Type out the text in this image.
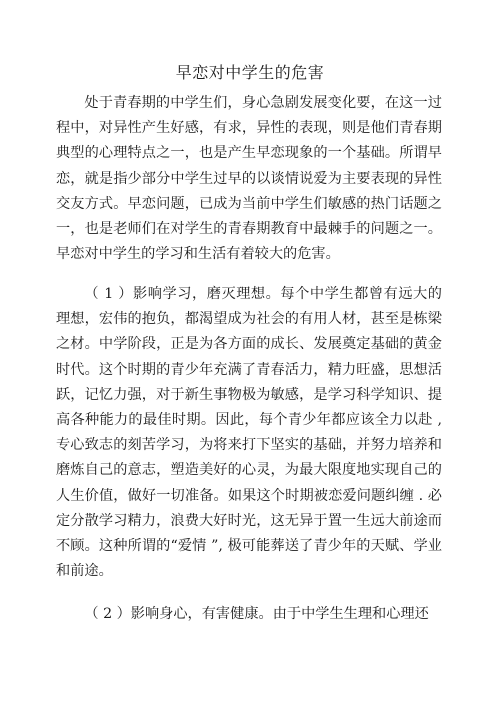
早恋对中学生的危害

处于青春期的中学生们，身心急剧发展变化要，在这一过程中，对异性产生好感，有求，异性的表现，则是他们青春期典型的心理特点之一，也是产生早恋现象的一个基础。所谓早恋，就是指少部分中学生过早的以谈情说爱为主要表现的异性交友方式。早恋问题，已成为当前中学生们敏感的热门话题之一，也是老师们在对学生的青春期教育中最棘手的问题之一。早恋对中学生的学习和生活有着较大的危害。

（ 1 ）影响学习，磨灭理想。每个中学生都曾有远大的理想，宏伟的抱负，都渴望成为社会的有用人材，甚至是栋梁之材。中学阶段，正是为各方面的成长、发展奠定基础的黄金时代。这个时期的青少年充满了青春活力，精力旺盛，思想活跃，记忆力强，对于新生事物极为敏感，是学习科学知识、提高各种能力的最佳时期。因此，每个青少年都应该全力以赴 ,专心致志的刻苦学习，为将来打下坚实的基础，并努力培养和磨炼自己的意志，塑造美好的心灵，为最大限度地实现自己的人生价值，做好一切准备。如果这个时期被恋爱问题纠缠 . 必定分散学习精力，浪费大好时光，这无异于置一生远大前途而不顾。这种所谓的“爱情 ”, 极可能葬送了青少年的天赋、学业和前途。

（ 2 ）影响身心，有害健康。由于中学生生理和心理还
